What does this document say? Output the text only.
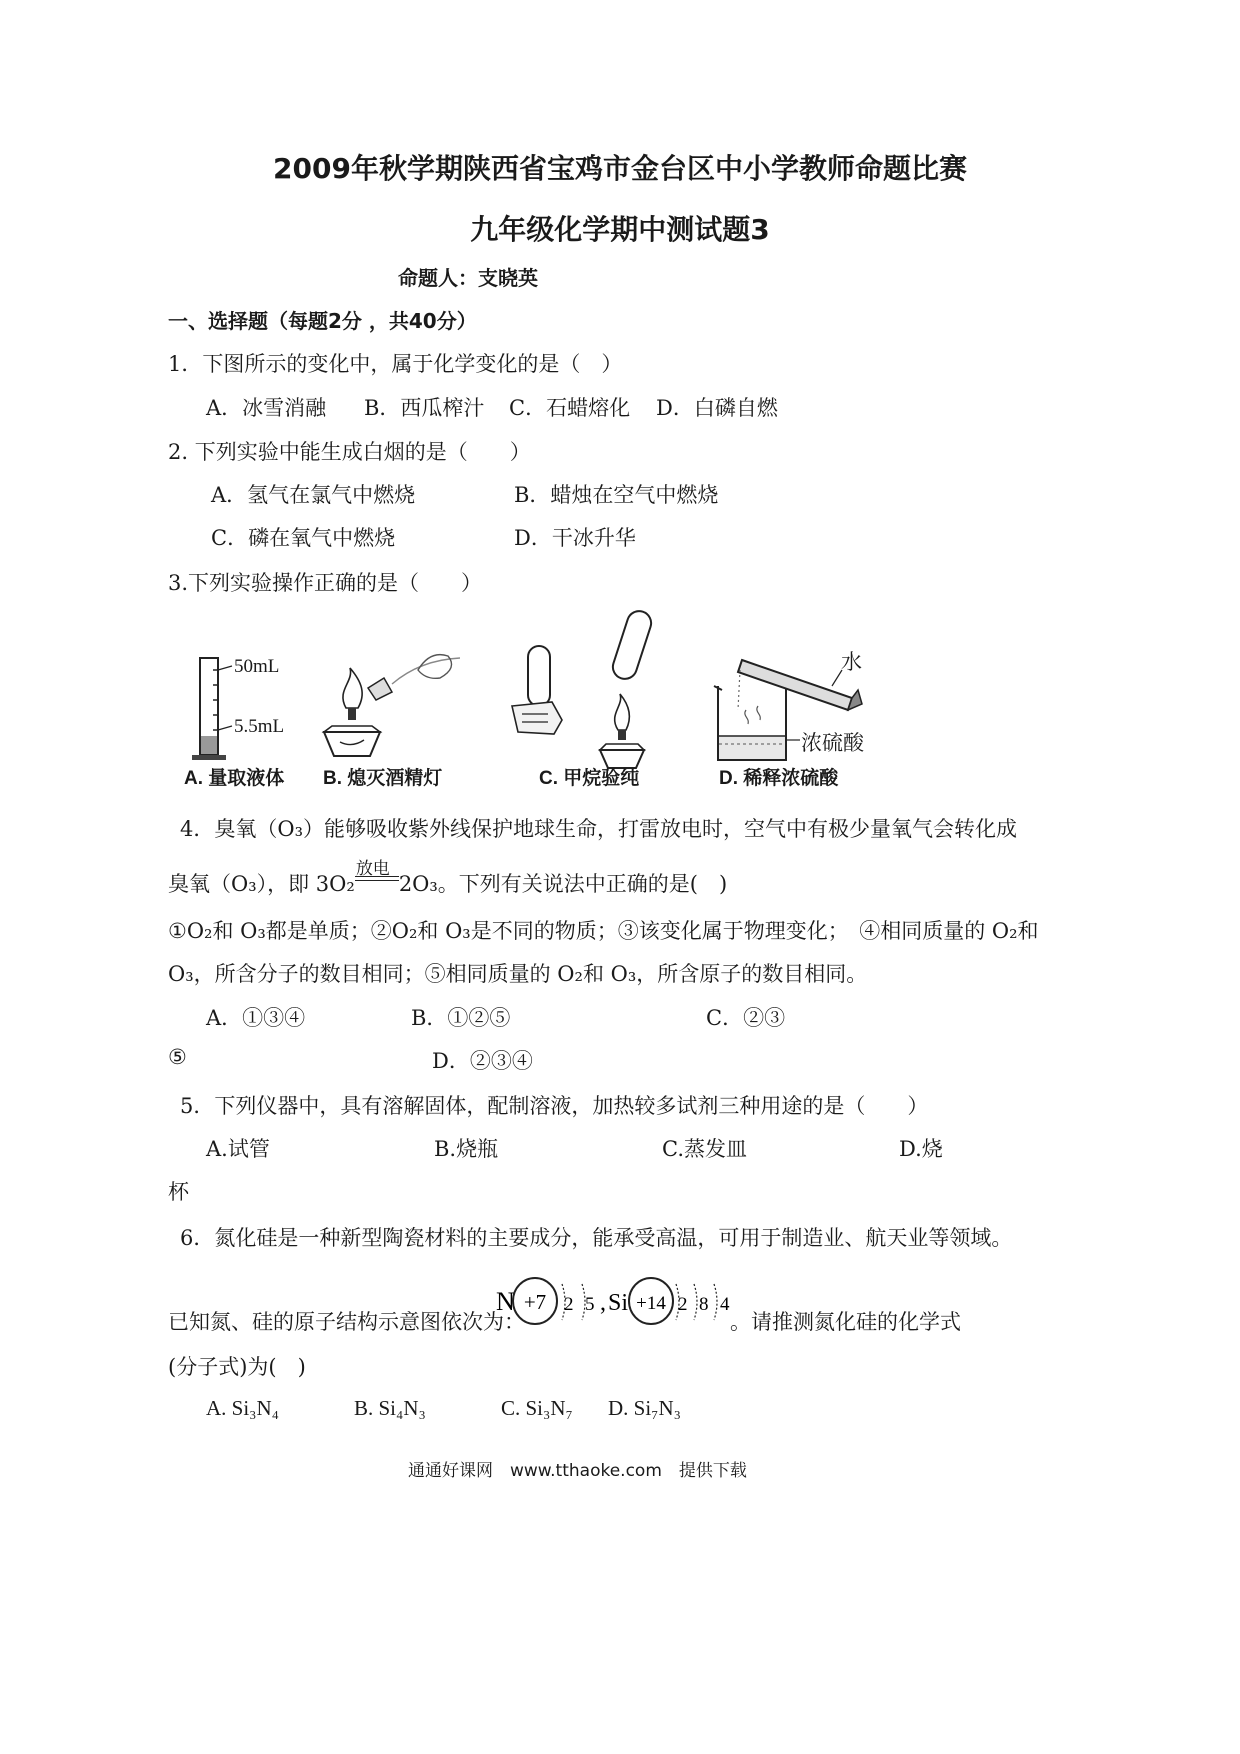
2009年秋学期陕西省宝鸡市金台区中小学教师命题比赛
九年级化学期中测试题3
命题人：支晓英
一、选择题（每题2分 ，共40分）
1．下图所示的变化中，属于化学变化的是（　）
A．冰雪消融 B．西瓜榨汁 C．石蜡熔化 D．白磷自燃
2. 下列实验中能生成白烟的是（　　）
A．氢气在氯气中燃烧	B．蜡烛在空气中燃烧
C．磷在氧气中燃烧	D．干冰升华
3.下列实验操作正确的是（　　）
50mL
5.5mL
水
浓硫酸
A. 量取液体 B. 熄灭酒精灯	C. 甲烷验纯	D. 稀释浓硫酸
4．臭氧（O₃）能够吸收紫外线保护地球生命，打雷放电时，空气中有极少量氧气会转化成
臭氧（O₃），即 3O₂
放电
2O₃。下列有关说法中正确的是(　)
①O₂和 O₃都是单质；②O₂和 O₃是不同的物质；③该变化属于物理变化；　④相同质量的 O₂和
O₃，所含分子的数目相同；⑤相同质量的 O₂和 O₃，所含原子的数目相同。
A．①③④	B．①②⑤	C．②③
⑤	D．②③④
5．下列仪器中，具有溶解固体，配制溶液，加热较多试剂三种用途的是（　　）
A.试管	B.烧瓶	C.蒸发皿	D.烧
杯
6．氮化硅是一种新型陶瓷材料的主要成分，能承受高温，可用于制造业、航天业等领域。
已知氮、硅的原子结构示意图依次为：
N +7 2 5 , Si +14 2 8 4
。请推测氮化硅的化学式
(分子式)为(　)
A. Si₃N₄	B. Si₄N₃	C. Si₃N₇ D. Si₇N₃
通通好课网　www.tthaoke.com　提供下载
